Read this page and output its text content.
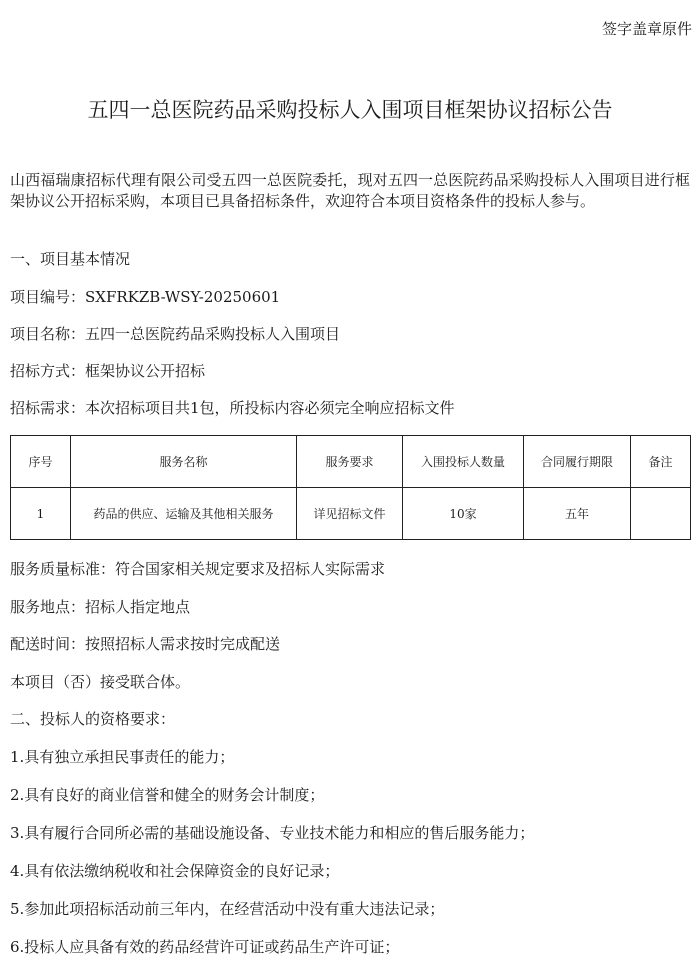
签字盖章原件
五四一总医院药品采购投标人入围项目框架协议招标公告

山西福瑞康招标代理有限公司受五四一总医院委托，现对五四一总医院药品采购投标人入围项目进行框架协议公开招标采购，本项目已具备招标条件，欢迎符合本项目资格条件的投标人参与。

一、项目基本情况

项目编号：SXFRKZB-WSY-20250601

项目名称：五四一总医院药品采购投标人入围项目

招标方式：框架协议公开招标

招标需求：本次招标项目共1包，所投标内容必须完全响应招标文件

序号	服务名称	服务要求	入围投标人数量	合同履行期限	备注
1	药品的供应、运输及其他相关服务	详见招标文件	10家	五年	

服务质量标准：符合国家相关规定要求及招标人实际需求

服务地点：招标人指定地点

配送时间：按照招标人需求按时完成配送

本项目（否）接受联合体。

二、投标人的资格要求：

1.具有独立承担民事责任的能力；

2.具有良好的商业信誉和健全的财务会计制度；

3.具有履行合同所必需的基础设施设备、专业技术能力和相应的售后服务能力；

4.具有依法缴纳税收和社会保障资金的良好记录；

5.参加此项招标活动前三年内，在经营活动中没有重大违法记录；

6.投标人应具备有效的药品经营许可证或药品生产许可证；
